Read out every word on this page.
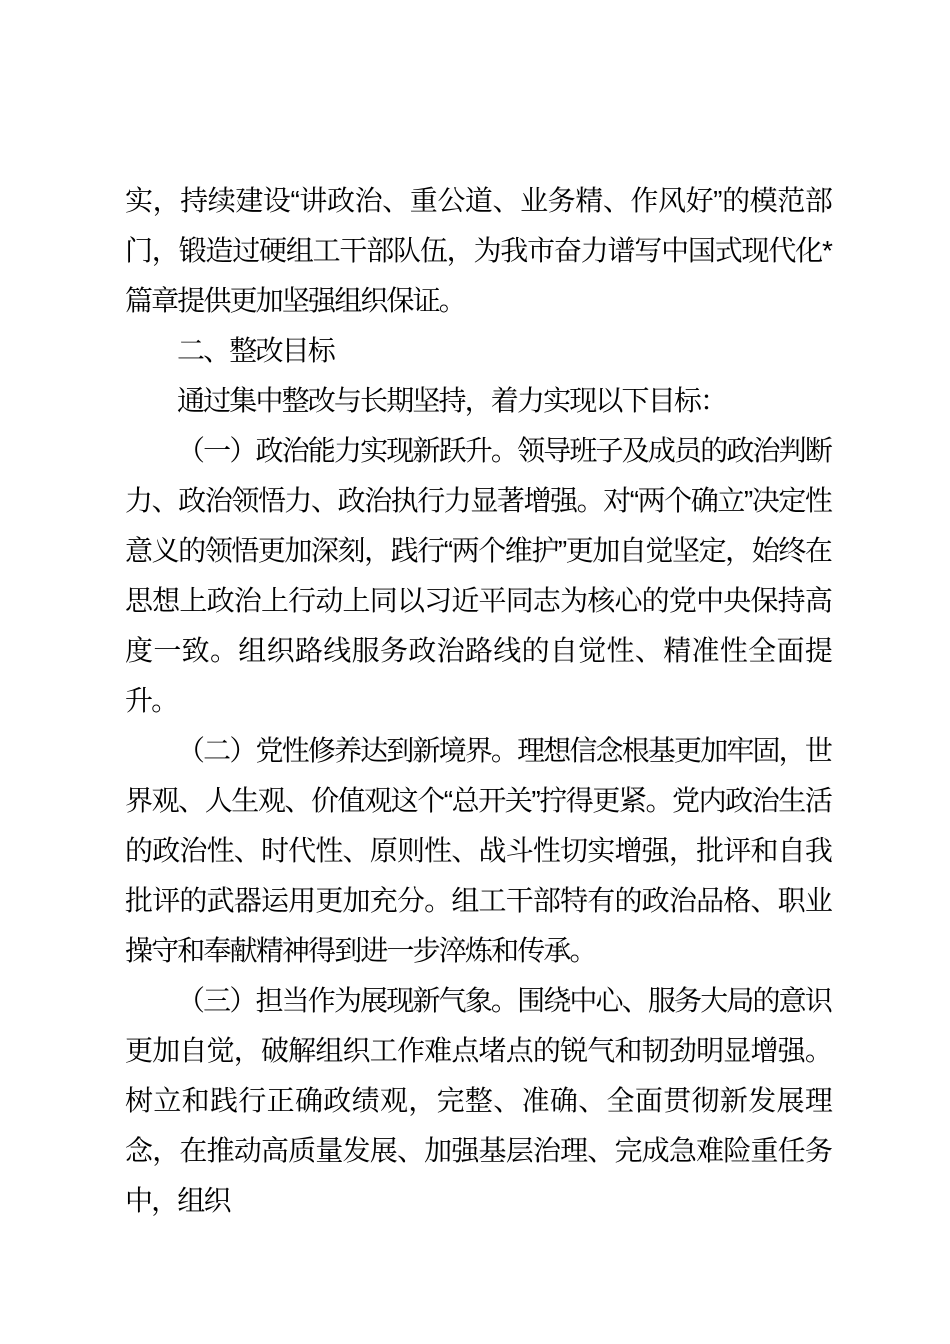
实，持续建设“讲政治、重公道、业务精、作风好”的模范部门，锻造过硬组工干部队伍，为我市奋力谱写中国式现代化*篇章提供更加坚强组织保证。

二、整改目标

通过集中整改与长期坚持，着力实现以下目标：

（一）政治能力实现新跃升。领导班子及成员的政治判断力、政治领悟力、政治执行力显著增强。对“两个确立”决定性意义的领悟更加深刻，践行“两个维护”更加自觉坚定，始终在思想上政治上行动上同以习近平同志为核心的党中央保持高度一致。组织路线服务政治路线的自觉性、精准性全面提升。

（二）党性修养达到新境界。理想信念根基更加牢固，世界观、人生观、价值观这个“总开关”拧得更紧。党内政治生活的政治性、时代性、原则性、战斗性切实增强，批评和自我批评的武器运用更加充分。组工干部特有的政治品格、职业操守和奉献精神得到进一步淬炼和传承。

（三）担当作为展现新气象。围绕中心、服务大局的意识更加自觉，破解组织工作难点堵点的锐气和韧劲明显增强。树立和践行正确政绩观，完整、准确、全面贯彻新发展理念，在推动高质量发展、加强基层治理、完成急难险重任务中，组织
